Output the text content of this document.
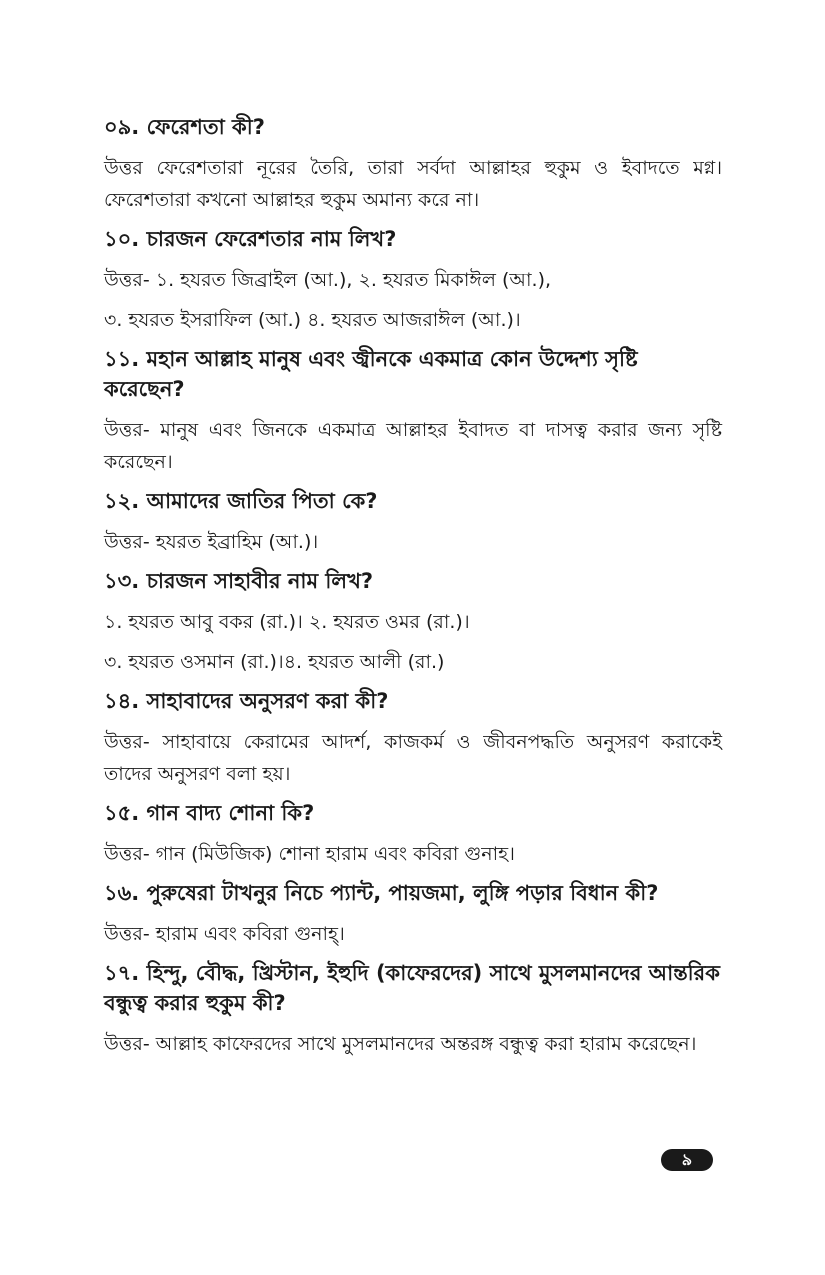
০৯. ফেরেশতা কী?
উত্তর ফেরেশতারা নূরের তৈরি, তারা সর্বদা আল্লাহর হুকুম ও ইবাদতে মগ্ন। ফেরেশতারা কখনো আল্লাহর হুকুম অমান্য করে না।
১০. চারজন ফেরেশতার নাম লিখ?
উত্তর- ১. হযরত জিব্রাইল (আ.), ২. হযরত মিকাঈল (আ.),
৩. হযরত ইসরাফিল (আ.) ৪. হযরত আজরাঈল (আ.)।
১১. মহান আল্লাহ মানুষ এবং জ্বীনকে একমাত্র কোন উদ্দেশ্য সৃষ্টি করেছেন?
উত্তর- মানুষ এবং জিনকে একমাত্র আল্লাহর ইবাদত বা দাসত্ব করার জন্য সৃষ্টি করেছেন।
১২. আমাদের জাতির পিতা কে?
উত্তর- হযরত ইব্রাহিম (আ.)।
১৩. চারজন সাহাবীর নাম লিখ?
১. হযরত আবু বকর (রা.)। ২. হযরত ওমর (রা.)।
৩. হযরত ওসমান (রা.)।৪. হযরত আলী (রা.)
১৪. সাহাবাদের অনুসরণ করা কী?
উত্তর- সাহাবায়ে কেরামের আদর্শ, কাজকর্ম ও জীবনপদ্ধতি অনুসরণ করাকেই তাদের অনুসরণ বলা হয়।
১৫. গান বাদ্য শোনা কি?
উত্তর- গান (মিউজিক) শোনা হারাম এবং কবিরা গুনাহ।
১৬. পুরুষেরা টাখনুর নিচে প্যান্ট, পায়জমা, লুঙ্গি পড়ার বিধান কী?
উত্তর- হারাম এবং কবিরা গুনাহ্।
১৭. হিন্দু, বৌদ্ধ, খ্রিস্টান, ইহুদি (কাফেরদের) সাথে মুসলমানদের আন্তরিক বন্ধুত্ব করার হুকুম কী?
উত্তর- আল্লাহ কাফেরদের সাথে মুসলমানদের অন্তরঙ্গ বন্ধুত্ব করা হারাম করেছেন।
৯
